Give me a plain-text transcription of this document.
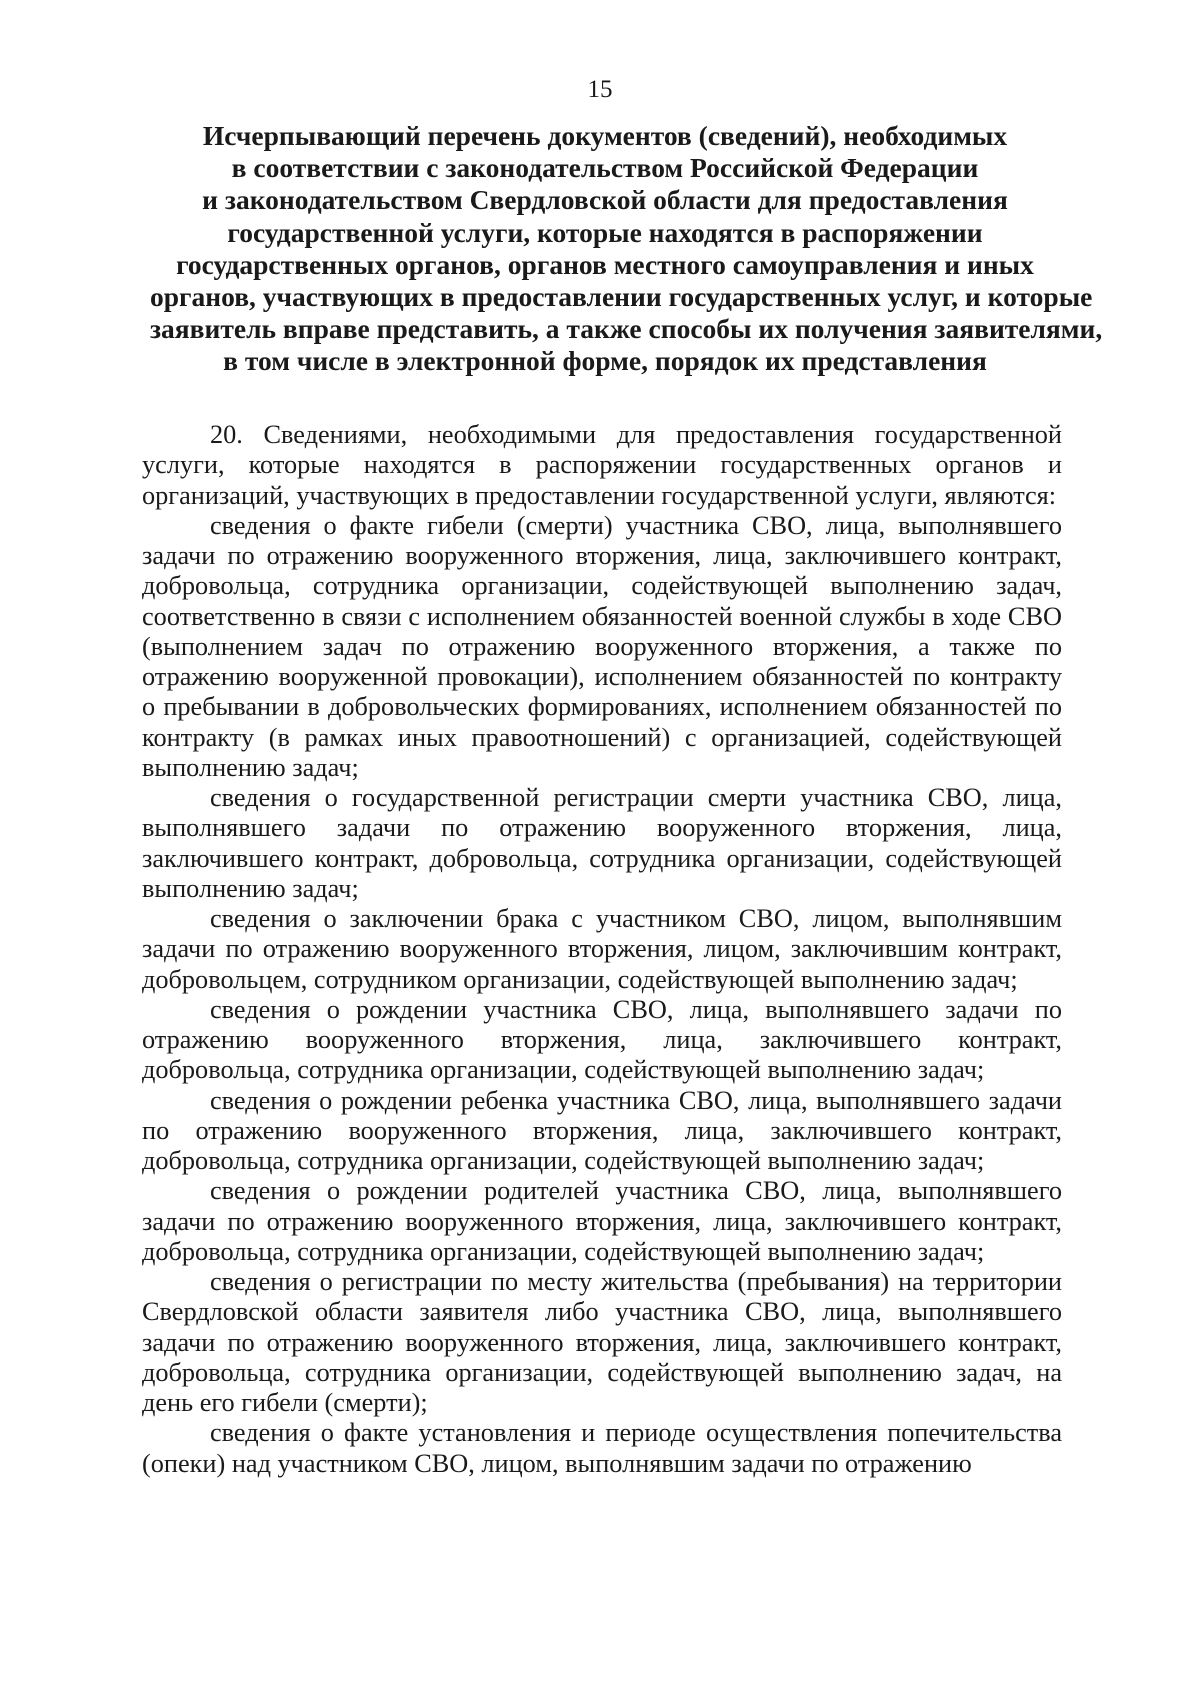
15
Исчерпывающий перечень документов (сведений), необходимых
в соответствии с законодательством Российской Федерации
и законодательством Свердловской области для предоставления
государственной услуги, которые находятся в распоряжении
государственных органов, органов местного самоуправления и иных
органов, участвующих в предоставлении государственных услуг, и которые
заявитель вправе представить, а также способы их получения заявителями,
в том числе в электронной форме, порядок их представления

20. Сведениями, необходимыми для предоставления государственной услуги, которые находятся в распоряжении государственных органов и организаций, участвующих в предоставлении государственной услуги, являются:

сведения о факте гибели (смерти) участника СВО, лица, выполнявшего задачи по отражению вооруженного вторжения, лица, заключившего контракт, добровольца, сотрудника организации, содействующей выполнению задач, соответственно в связи с исполнением обязанностей военной службы в ходе СВО (выполнением задач по отражению вооруженного вторжения, а также по отражению вооруженной провокации), исполнением обязанностей по контракту о пребывании в добровольческих формированиях, исполнением обязанностей по контракту (в рамках иных правоотношений) с организацией, содействующей выполнению задач;

сведения о государственной регистрации смерти участника СВО, лица, выполнявшего задачи по отражению вооруженного вторжения, лица, заключившего контракт, добровольца, сотрудника организации, содействующей выполнению задач;

сведения о заключении брака с участником СВО, лицом, выполнявшим задачи по отражению вооруженного вторжения, лицом, заключившим контракт, добровольцем, сотрудником организации, содействующей выполнению задач;

сведения о рождении участника СВО, лица, выполнявшего задачи по отражению вооруженного вторжения, лица, заключившего контракт, добровольца, сотрудника организации, содействующей выполнению задач;

сведения о рождении ребенка участника СВО, лица, выполнявшего задачи по отражению вооруженного вторжения, лица, заключившего контракт, добровольца, сотрудника организации, содействующей выполнению задач;

сведения о рождении родителей участника СВО, лица, выполнявшего задачи по отражению вооруженного вторжения, лица, заключившего контракт, добровольца, сотрудника организации, содействующей выполнению задач;

сведения о регистрации по месту жительства (пребывания) на территории Свердловской области заявителя либо участника СВО, лица, выполнявшего задачи по отражению вооруженного вторжения, лица, заключившего контракт, добровольца, сотрудника организации, содействующей выполнению задач, на день его гибели (смерти);

сведения о факте установления и периоде осуществления попечительства (опеки) над участником СВО, лицом, выполнявшим задачи по отражению
